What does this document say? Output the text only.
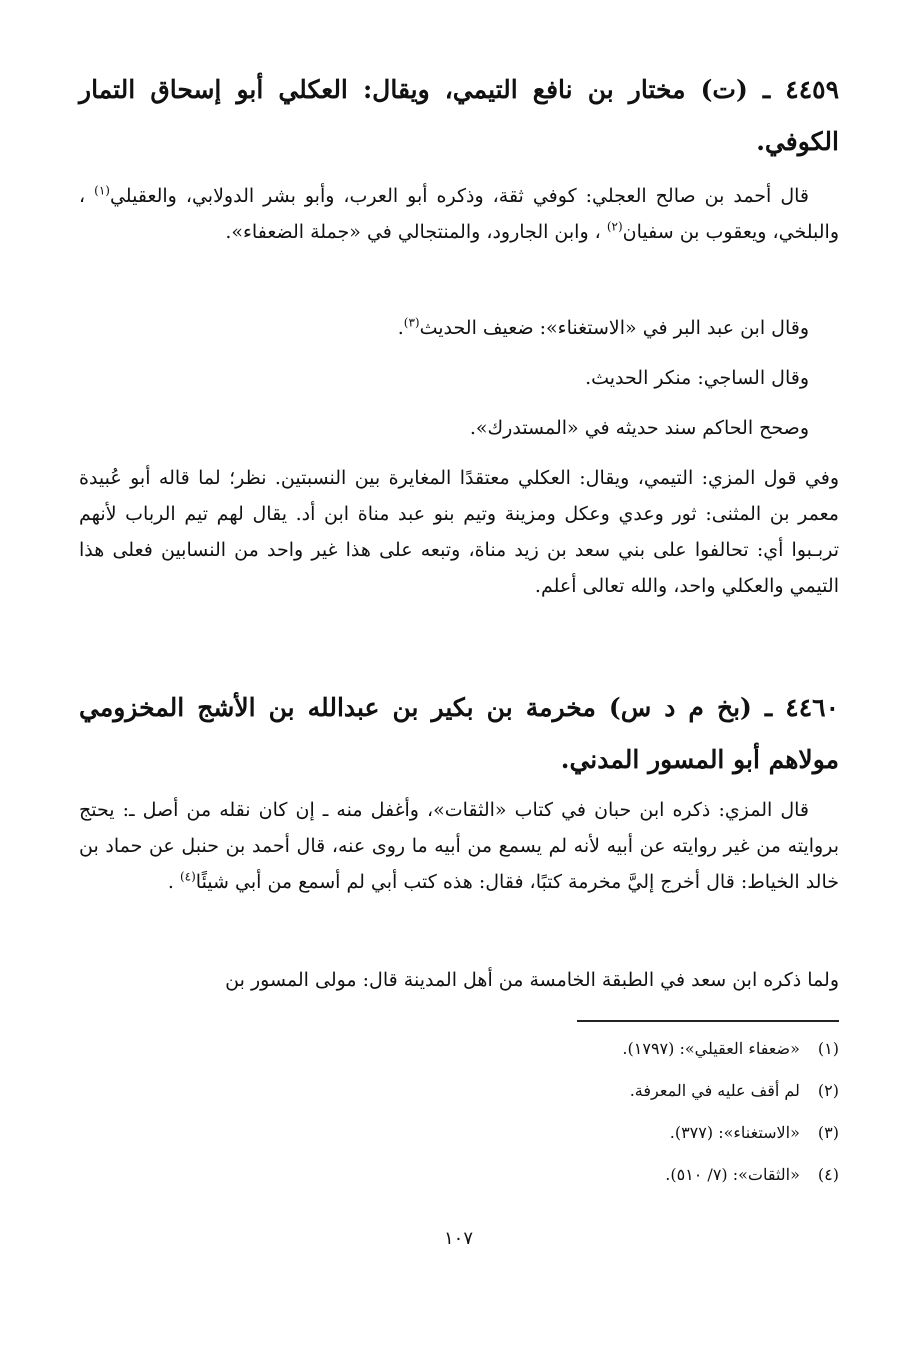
٤٤٥٩ ـ (ت) مختار بن نافع التيمي، ويقال: العكلي أبو إسحاق التمار الكوفي.
قال أحمد بن صالح العجلي: كوفي ثقة، وذكره أبو العرب، وأبو بشر الدولابي، والعقيلي$^{(١)}$ ، والبلخي، ويعقوب بن سفيان$^{(٢)}$ ، وابن الجارود، والمنتجالي في «جملة الضعفاء».
وقال ابن عبد البر في «الاستغناء»: ضعيف الحديث$^{(٣)}$.
وقال الساجي: منكر الحديث.
وصحح الحاكم سند حديثه في «المستدرك».
وفي قول المزي: التيمي، ويقال: العكلي معتقدًا المغايرة بين النسبتين. نظر؛ لما قاله أبو عُبيدة معمر بن المثنى: ثور وعدي وعكل ومزينة وتيم بنو عبد مناة ابن أد. يقال لهم تيم الرباب لأنهم تربـبوا أي: تحالفوا على بني سعد بن زيد مناة، وتبعه على هذا غير واحد من النسابين فعلى هذا التيمي والعكلي واحد، والله تعالى أعلم.
٤٤٦٠ ـ (بخ م د س) مخرمة بن بكير بن عبدالله بن الأشج المخزومي مولاهم أبو المسور المدني.
قال المزي: ذكره ابن حبان في كتاب «الثقات»، وأغفل منه ـ إن كان نقله من أصل ـ: يحتج بروايته من غير روايته عن أبيه لأنه لم يسمع من أبيه ما روى عنه، قال أحمد بن حنبل عن حماد بن خالد الخياط: قال أخرج إليَّ مخرمة كتبًا، فقال: هذه كتب أبي لم أسمع من أبي شيئًا$^{(٤)}$ .
ولما ذكره ابن سعد في الطبقة الخامسة من أهل المدينة قال: مولى المسور بن
(١) «ضعفاء العقيلي»: (١٧٩٧).
(٢) لم أقف عليه في المعرفة.
(٣) «الاستغناء»: (٣٧٧).
(٤) «الثقات»: (٧/ ٥١٠).
١٠٧
